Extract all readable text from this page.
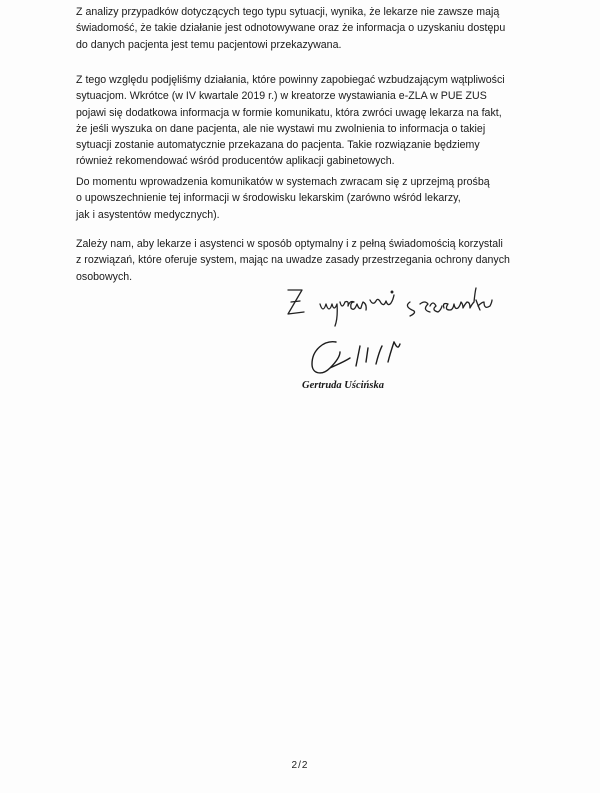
Z analizy przypadków dotyczących tego typu sytuacji, wynika, że lekarze nie zawsze mają
świadomość, że takie działanie jest odnotowywane oraz że informacja o uzyskaniu dostępu
do danych pacjenta jest temu pacjentowi przekazywana.
Z tego względu podjęliśmy działania, które powinny zapobiegać wzbudzającym wątpliwości
sytuacjom. Wkrótce (w IV kwartale 2019 r.) w kreatorze wystawiania e-ZLA w PUE ZUS
pojawi się dodatkowa informacja w formie komunikatu, która zwróci uwagę lekarza na fakt,
że jeśli wyszuka on dane pacjenta, ale nie wystawi mu zwolnienia to informacja o takiej
sytuacji zostanie automatycznie przekazana do pacjenta. Takie rozwiązanie będziemy
również rekomendować wśród producentów aplikacji gabinetowych.
Do momentu wprowadzenia komunikatów w systemach zwracam się z uprzejmą prośbą
o upowszechnienie tej informacji w środowisku lekarskim (zarówno wśród lekarzy,
jak i asystentów medycznych).
Zależy nam, aby lekarze i asystenci w sposób optymalny i z pełną świadomością korzystali
z rozwiązań, które oferuje system, mając na uwadze zasady przestrzegania ochrony danych
osobowych.
Gertruda Uścińska
2/2
